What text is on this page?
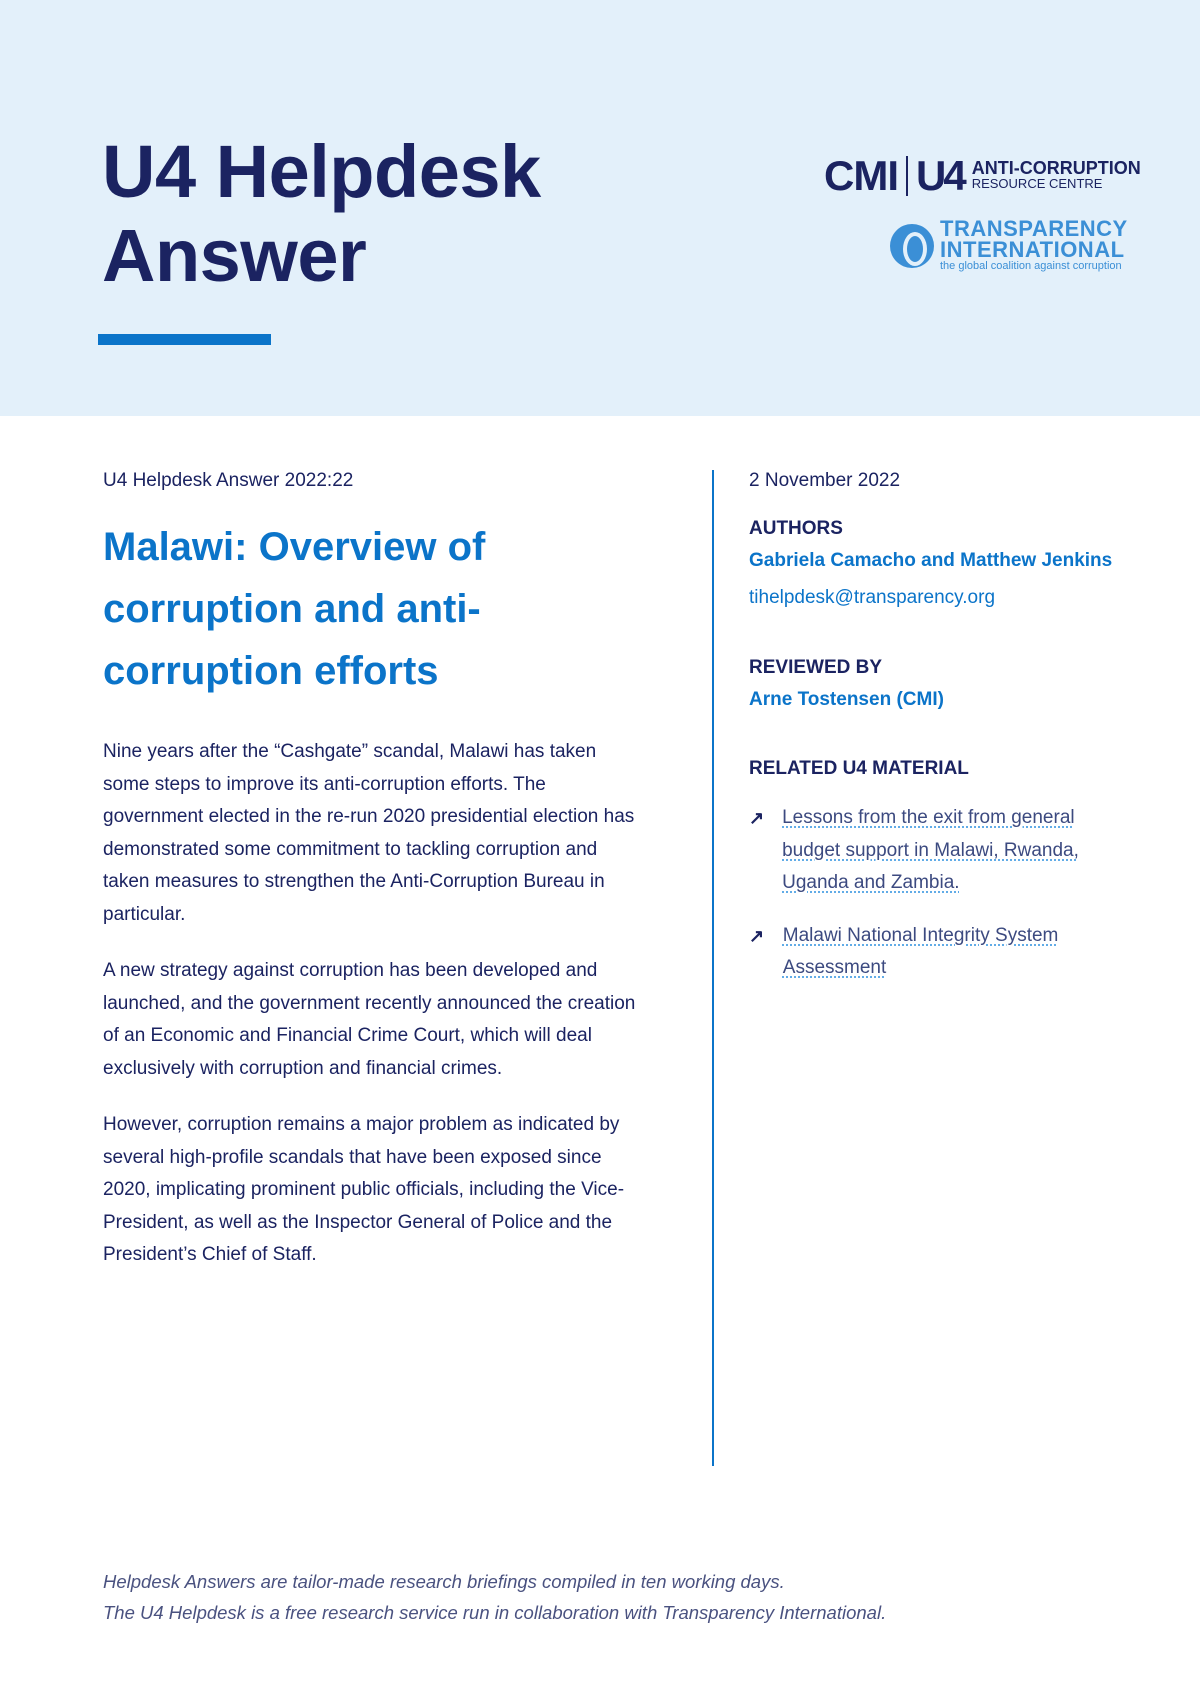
U4 Helpdesk
Answer
CMI U4 ANTI-CORRUPTION
RESOURCE CENTRE
TRANSPARENCY
INTERNATIONAL
the global coalition against corruption
U4 Helpdesk Answer 2022:22
Malawi: Overview of corruption and anti-corruption efforts

Nine years after the “Cashgate” scandal, Malawi has taken some steps to improve its anti-corruption efforts. The government elected in the re-run 2020 presidential election has demonstrated some commitment to tackling corruption and taken measures to strengthen the Anti-Corruption Bureau in particular.

A new strategy against corruption has been developed and launched, and the government recently announced the creation of an Economic and Financial Crime Court, which will deal exclusively with corruption and financial crimes.

However, corruption remains a major problem as indicated by several high-profile scandals that have been exposed since 2020, implicating prominent public officials, including the Vice-President, as well as the Inspector General of Police and the President’s Chief of Staff.

2 November 2022
AUTHORS
Gabriela Camacho and Matthew Jenkins
tihelpdesk@transparency.org
REVIEWED BY
Arne Tostensen (CMI)
RELATED U4 MATERIAL
↗ Lessons from the exit from general budget support in Malawi, Rwanda, Uganda and Zambia.
↗ Malawi National Integrity System Assessment
Helpdesk Answers are tailor-made research briefings compiled in ten working days.
The U4 Helpdesk is a free research service run in collaboration with Transparency International.
